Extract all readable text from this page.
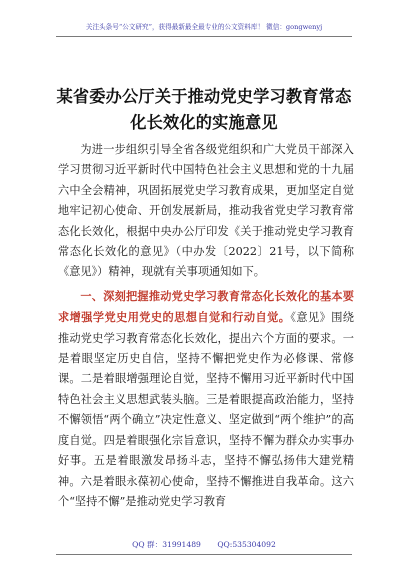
关注头条号“公文研究”，获得最新最全最专业的公文资料库！ 微信：gongwenyj
某省委办公厅关于推动党史学习教育常态化长效化的实施意见

为进一步组织引导全省各级党组织和广大党员干部深入学习贯彻习近平新时代中国特色社会主义思想和党的十九届六中全会精神，巩固拓展党史学习教育成果，更加坚定自觉地牢记初心使命、开创发展新局，推动我省党史学习教育常态化长效化，根据中央办公厅印发《关于推动党史学习教育常态化长效化的意见》（中办发〔2022〕21号，以下简称《意见》）精神，现就有关事项通知如下。

一、深刻把握推动党史学习教育常态化长效化的基本要求增强学党史用党史的思想自觉和行动自觉。《意见》围绕推动党史学习教育常态化长效化，提出六个方面的要求。一是着眼坚定历史自信，坚持不懈把党史作为必修课、常修课。二是着眼增强理论自觉，坚持不懈用习近平新时代中国特色社会主义思想武装头脑。三是着眼提高政治能力，坚持不懈领悟“两个确立”决定性意义、坚定做到“两个维护”的高度自觉。四是着眼强化宗旨意识，坚持不懈为群众办实事办好事。五是着眼激发昂扬斗志，坚持不懈弘扬伟大建党精神。六是着眼永葆初心使命，坚持不懈推进自我革命。这六个“坚持不懈”是推动党史学习教育

QQ 群：31991489 QQ:535304092
